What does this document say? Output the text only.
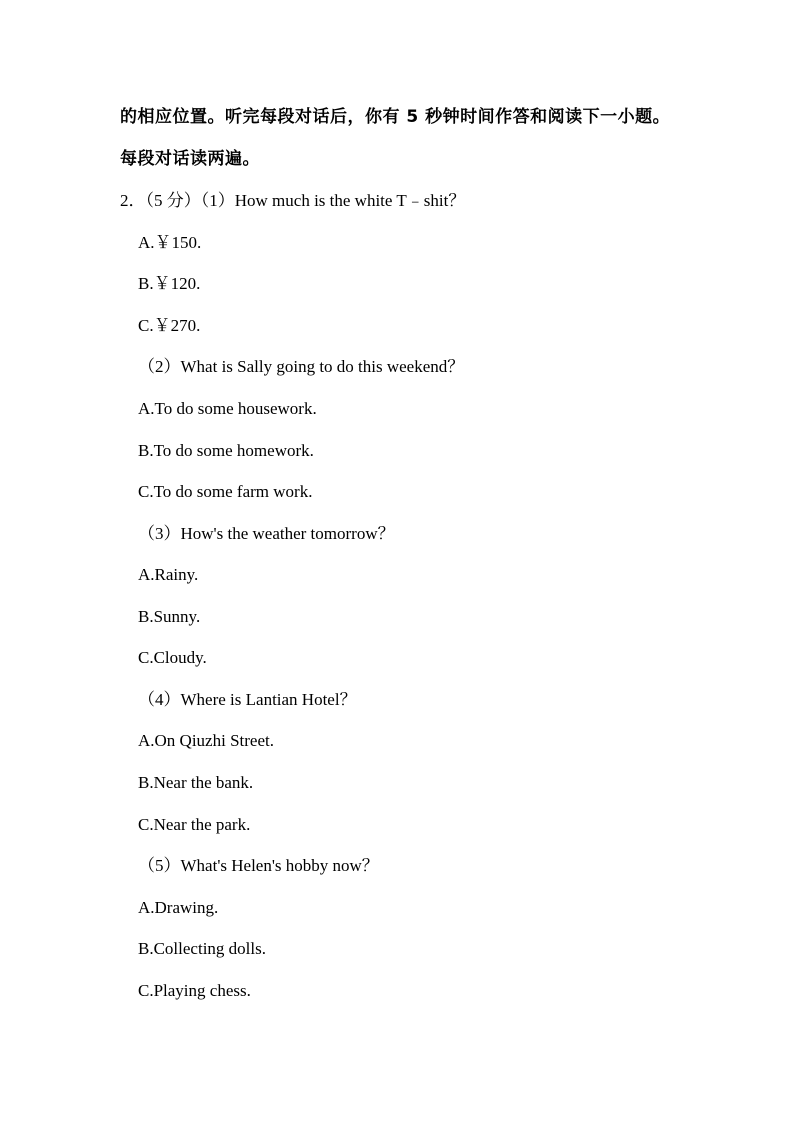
的相应位置。听完每段对话后，你有 5 秒钟时间作答和阅读下一小题。
每段对话读两遍。
2．（5 分）（1）How much is the white T﹣shit？
A.￥150.
B.￥120.
C.￥270.
（2）What is Sally going to do this weekend？
A.To do some housework.
B.To do some homework.
C.To do some farm work.
（3）How's the weather tomorrow？
A.Rainy.
B.Sunny.
C.Cloudy.
（4）Where is Lantian Hotel？
A.On Qiuzhi Street.
B.Near the bank.
C.Near the park.
（5）What's Helen's hobby now？
A.Drawing.
B.Collecting dolls.
C.Playing chess.
